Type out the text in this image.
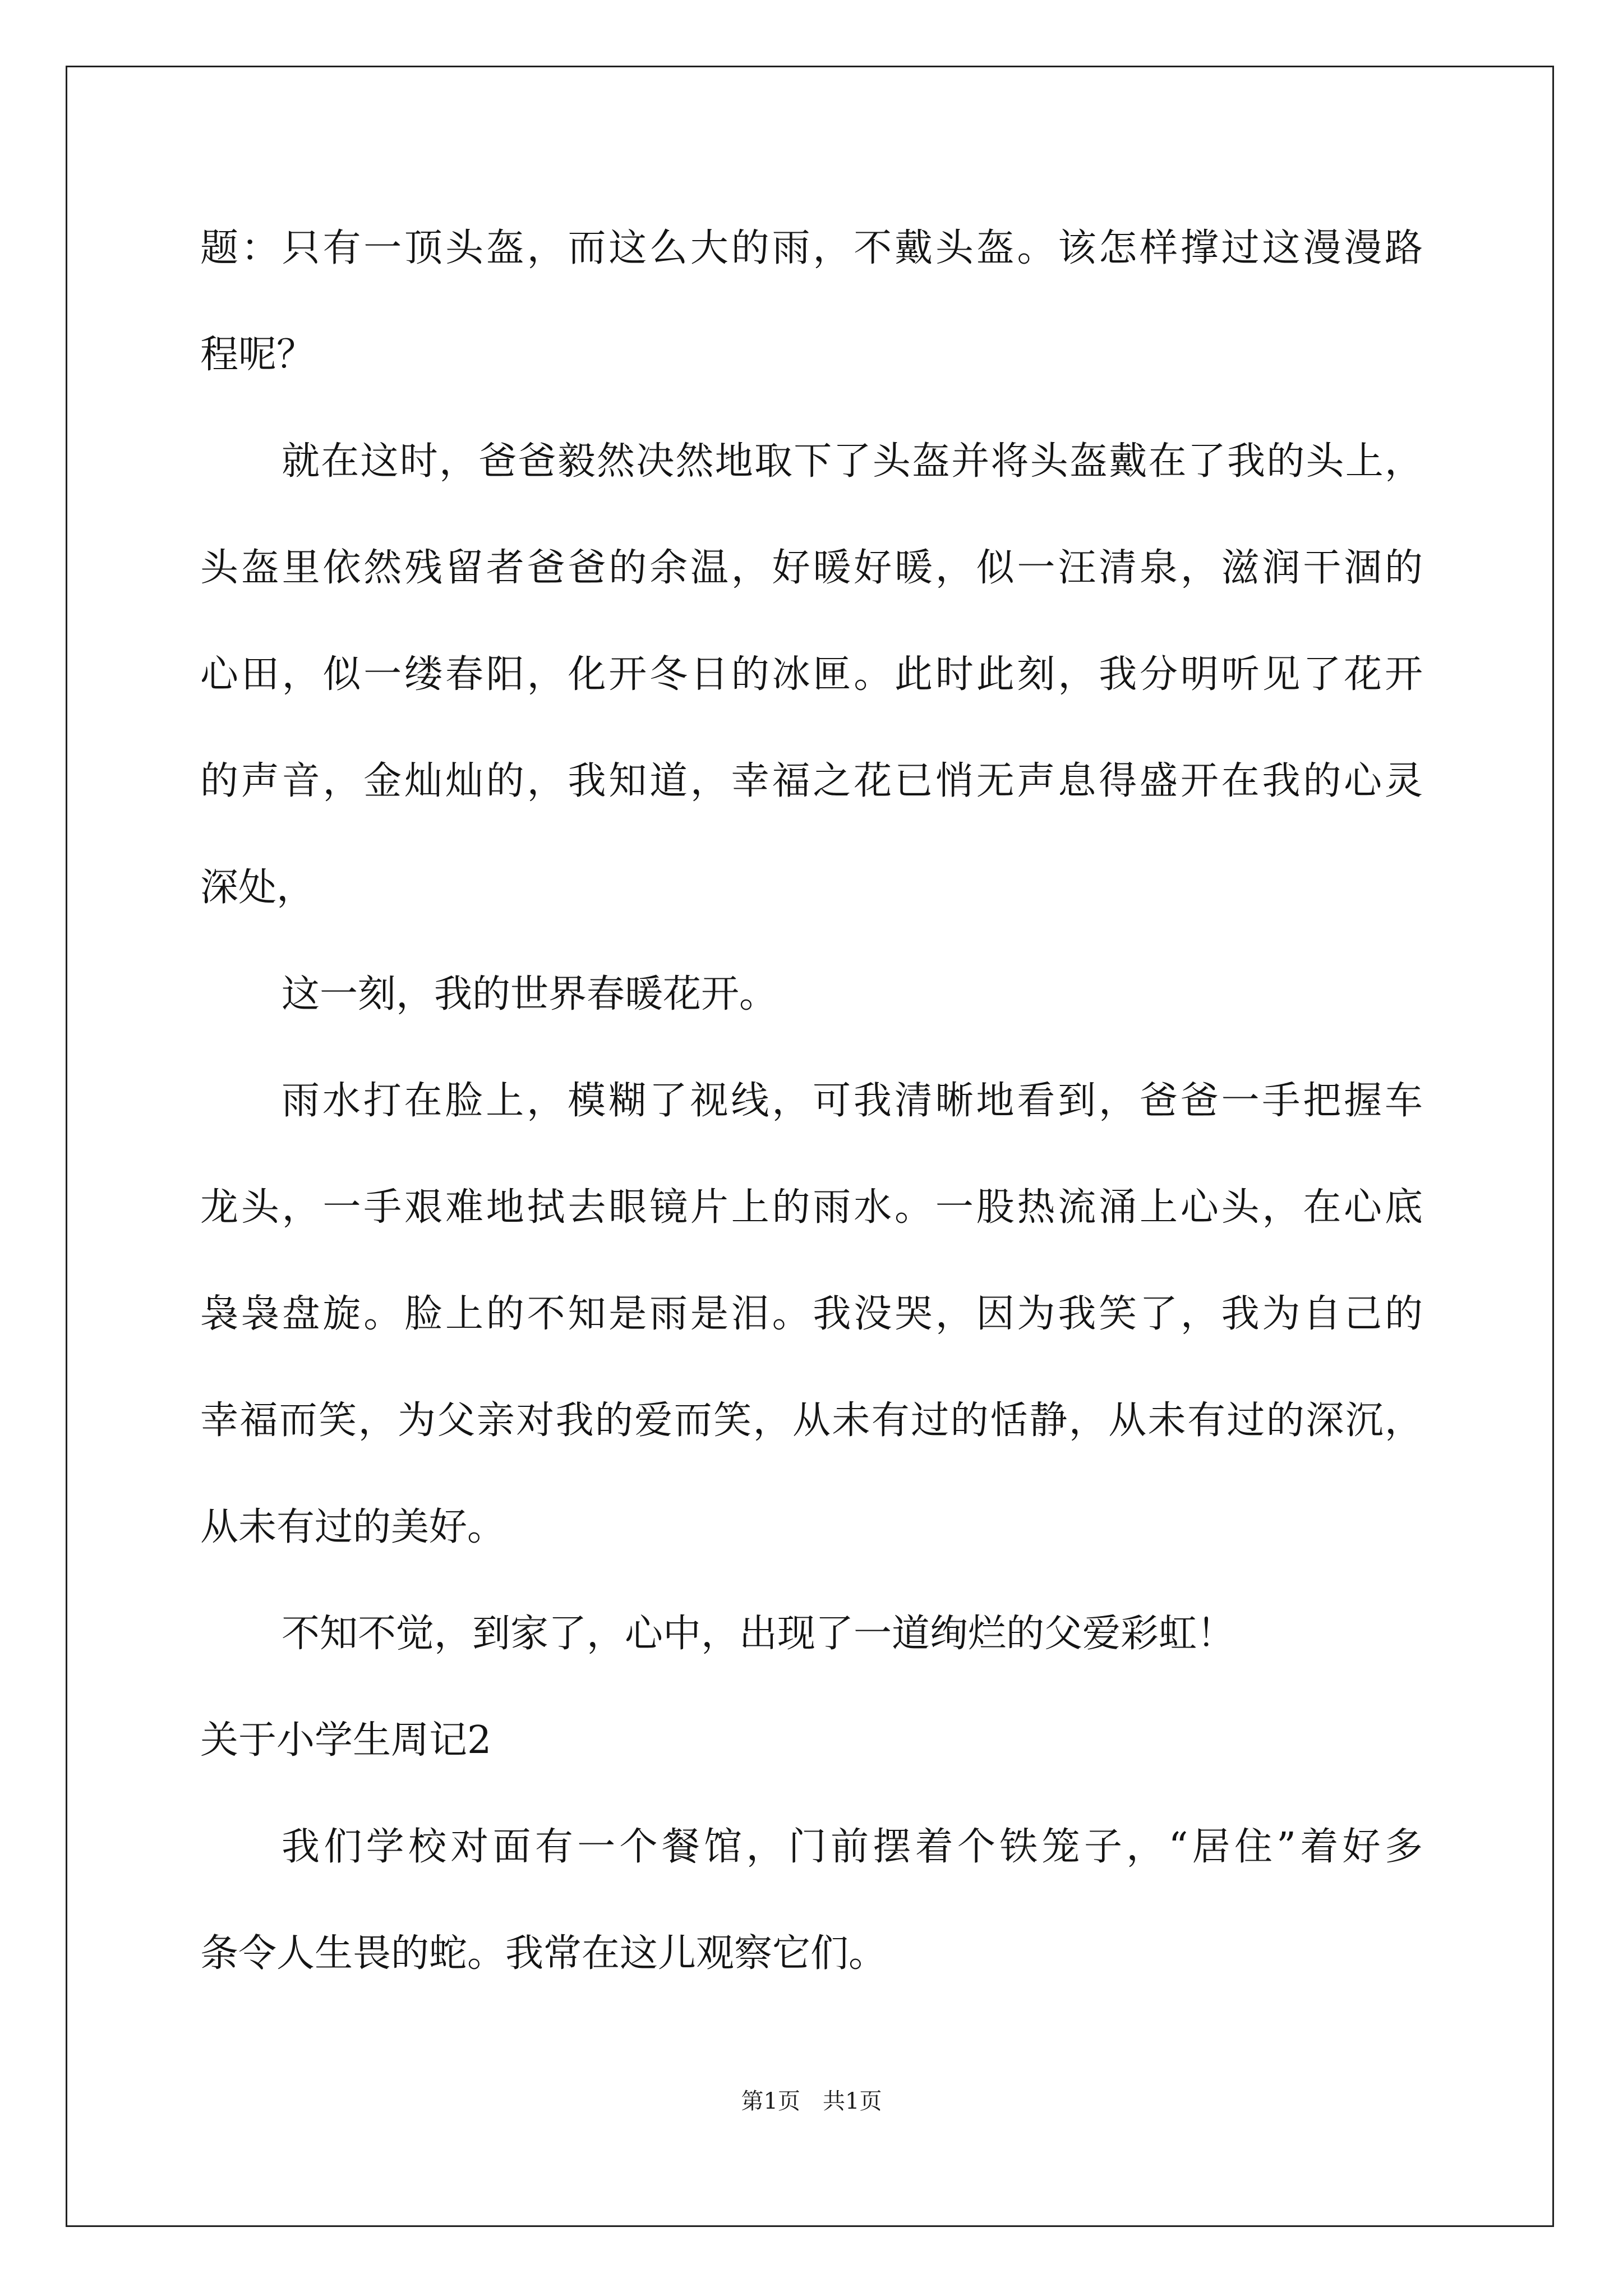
题：只有一顶头盔，而这么大的雨，不戴头盔。该怎样撑过这漫漫路
程呢？
就在这时，爸爸毅然决然地取下了头盔并将头盔戴在了我的头上，
头盔里依然残留者爸爸的余温，好暖好暖，似一汪清泉，滋润干涸的
心田，似一缕春阳，化开冬日的冰匣。此时此刻，我分明听见了花开
的声音，金灿灿的，我知道，幸福之花已悄无声息得盛开在我的心灵
深处，
这一刻，我的世界春暖花开。
雨水打在脸上，模糊了视线，可我清晰地看到，爸爸一手把握车
龙头，一手艰难地拭去眼镜片上的雨水。一股热流涌上心头，在心底
袅袅盘旋。脸上的不知是雨是泪。我没哭，因为我笑了，我为自己的
幸福而笑，为父亲对我的爱而笑，从未有过的恬静，从未有过的深沉，
从未有过的美好。
不知不觉，到家了，心中，出现了一道绚烂的父爱彩虹！
关于小学生周记2
我们学校对面有一个餐馆，门前摆着个铁笼子，“居住”着好多
条令人生畏的蛇。我常在这儿观察它们。
第1页　共1页
